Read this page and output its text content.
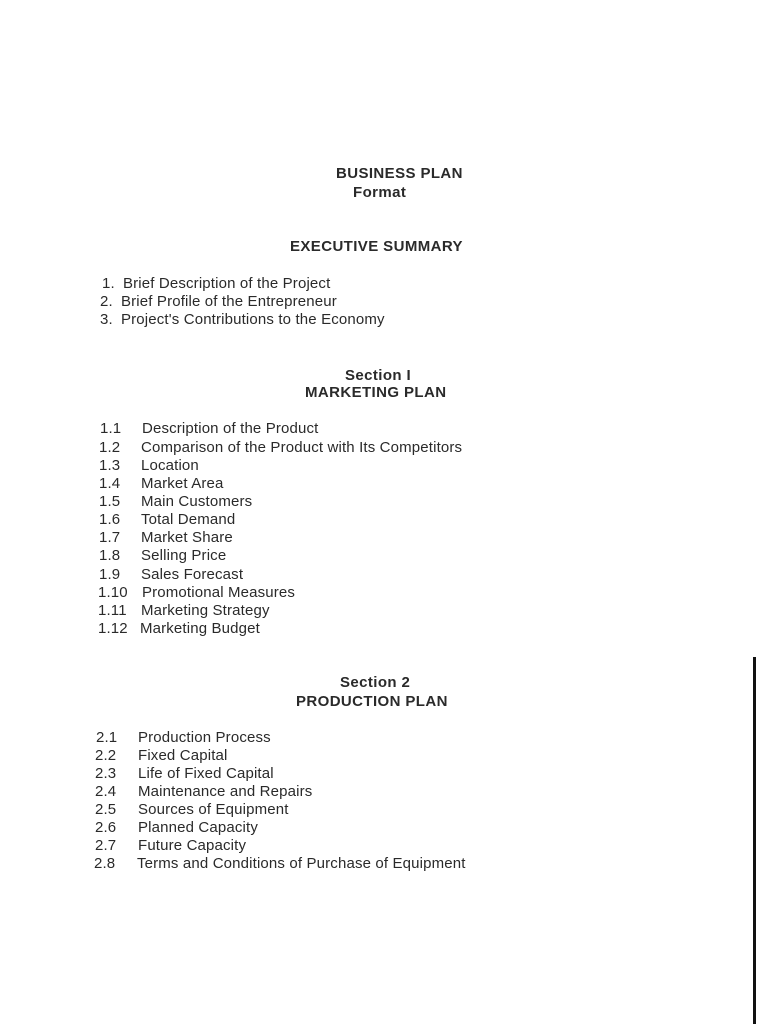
BUSINESS PLAN
Format
EXECUTIVE SUMMARY
1. Brief Description of the Project
2. Brief Profile of the Entrepreneur
3. Project's Contributions to the Economy
Section I
MARKETING PLAN
1.1 Description of the Product
1.2 Comparison of the Product with Its Competitors
1.3 Location
1.4 Market Area
1.5 Main Customers
1.6 Total Demand
1.7 Market Share
1.8 Selling Price
1.9 Sales Forecast
1.10 Promotional Measures
1.11 Marketing Strategy
1.12 Marketing Budget
Section 2
PRODUCTION PLAN
2.1 Production Process
2.2 Fixed Capital
2.3 Life of Fixed Capital
2.4 Maintenance and Repairs
2.5 Sources of Equipment
2.6 Planned Capacity
2.7 Future Capacity
2.8 Terms and Conditions of Purchase of Equipment
